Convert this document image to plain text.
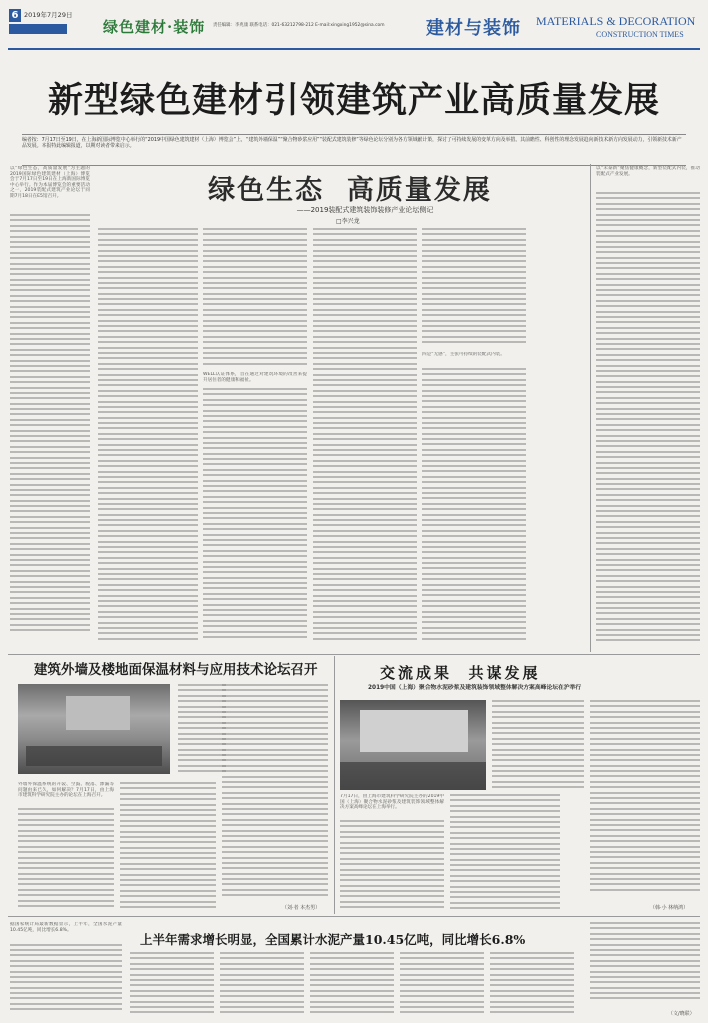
6 2019年7月29日
绿色建材·装饰 责任编辑：李兆康 联系电话：021-63212798-212 E-mail:xingxing1952@sina.com 建材与装饰 MATERIALS & DECORATION
CONSTRUCTION TIMES
新型绿色建材引领建筑产业高质量发展
编者按：7月17日至19日，在上海新国际博览中心举行的“2019中国绿色建筑建材（上海）博览会”上，“建筑外墙保温”“聚合物砂浆应用”“装配式建筑装修”等绿色论坛分别为各方领域献计策，探讨了可持续发展的变革方向及举措。其前瞻性、科创性的理念发展趋向新技术新方向发展动力，引领新技术新产品发展。本报特此编辑报道，以期对读者带来启示。
绿色生态  高质量发展
——2019装配式建筑装饰装修产业论坛侧记
□李兴龙
以“绿色生态，高质量发展”为主题的2019国际绿色建筑建材（上海）博览会于7月17日至19日在上海新国际博览中心举行。作为本届博览会的重要活动之一，2019装配式建筑产业论坛于同期7月18日在E5馆召开。
WELL认证体系，旨在通过对建筑环境的改善来提升居住者的健康和福祉。
四是“无感”，主张可持续的装配式内装。
以“禾泰新”聚焦健康概念，新型装配式内装，推动装配式产业发展。
建筑外墙及楼地面保温材料与应用技术论坛召开
外墙外保温系统的开裂、空鼓、脱落、渗漏等问题由来已久，如何解决？7月17日，由上海市建筑科学研究院主办的论坛在上海召开。
（刘·者 本杰男）
交流成果  共谋发展
2019中国（上海）聚合物水泥砂浆及建筑装饰领域整体解决方案高峰论坛在沪举行
7月17日，由上海市建筑科学研究院主办的2019中国（上海）聚合物水泥砂浆及建筑装饰领域整体解决方案高峰论坛在上海举行。
（韩·小 林纳鸿）
据国家统计局最新数据显示，上半年，全国水泥产量10.45亿吨，同比增长6.8%。
上半年需求增长明显，全国累计水泥产量10.45亿吨，同比增长6.8%
（文/晓联）
